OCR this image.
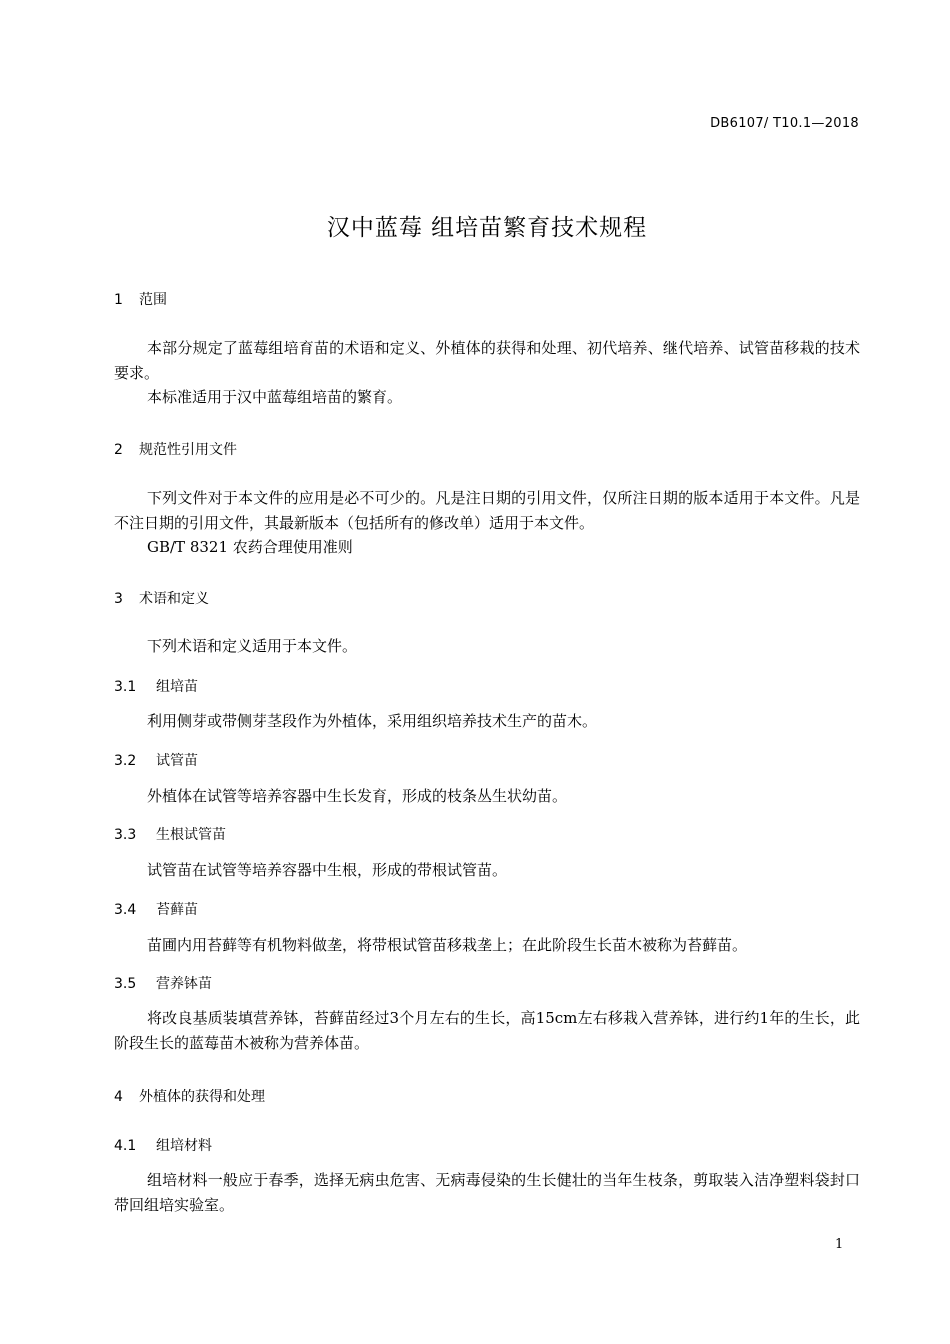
DB6107/ T10.1—2018
汉中蓝莓 组培苗繁育技术规程
1 范围
本部分规定了蓝莓组培育苗的术语和定义、外植体的获得和处理、初代培养、继代培养、试管苗移栽的技术要求。
本标准适用于汉中蓝莓组培苗的繁育。
2 规范性引用文件
下列文件对于本文件的应用是必不可少的。凡是注日期的引用文件，仅所注日期的版本适用于本文件。凡是不注日期的引用文件，其最新版本（包括所有的修改单）适用于本文件。
GB/T 8321 农药合理使用准则
3 术语和定义
下列术语和定义适用于本文件。
3.1 组培苗
利用侧芽或带侧芽茎段作为外植体，采用组织培养技术生产的苗木。
3.2 试管苗
外植体在试管等培养容器中生长发育，形成的枝条丛生状幼苗。
3.3 生根试管苗
试管苗在试管等培养容器中生根，形成的带根试管苗。
3.4 苔藓苗
苗圃内用苔藓等有机物料做垄，将带根试管苗移栽垄上；在此阶段生长苗木被称为苔藓苗。
3.5 营养钵苗
将改良基质装填营养钵，苔藓苗经过3个月左右的生长，高15cm左右移栽入营养钵，进行约1年的生长，此阶段生长的蓝莓苗木被称为营养体苗。
4 外植体的获得和处理
4.1 组培材料
组培材料一般应于春季，选择无病虫危害、无病毒侵染的生长健壮的当年生枝条，剪取装入洁净塑料袋封口带回组培实验室。
1
